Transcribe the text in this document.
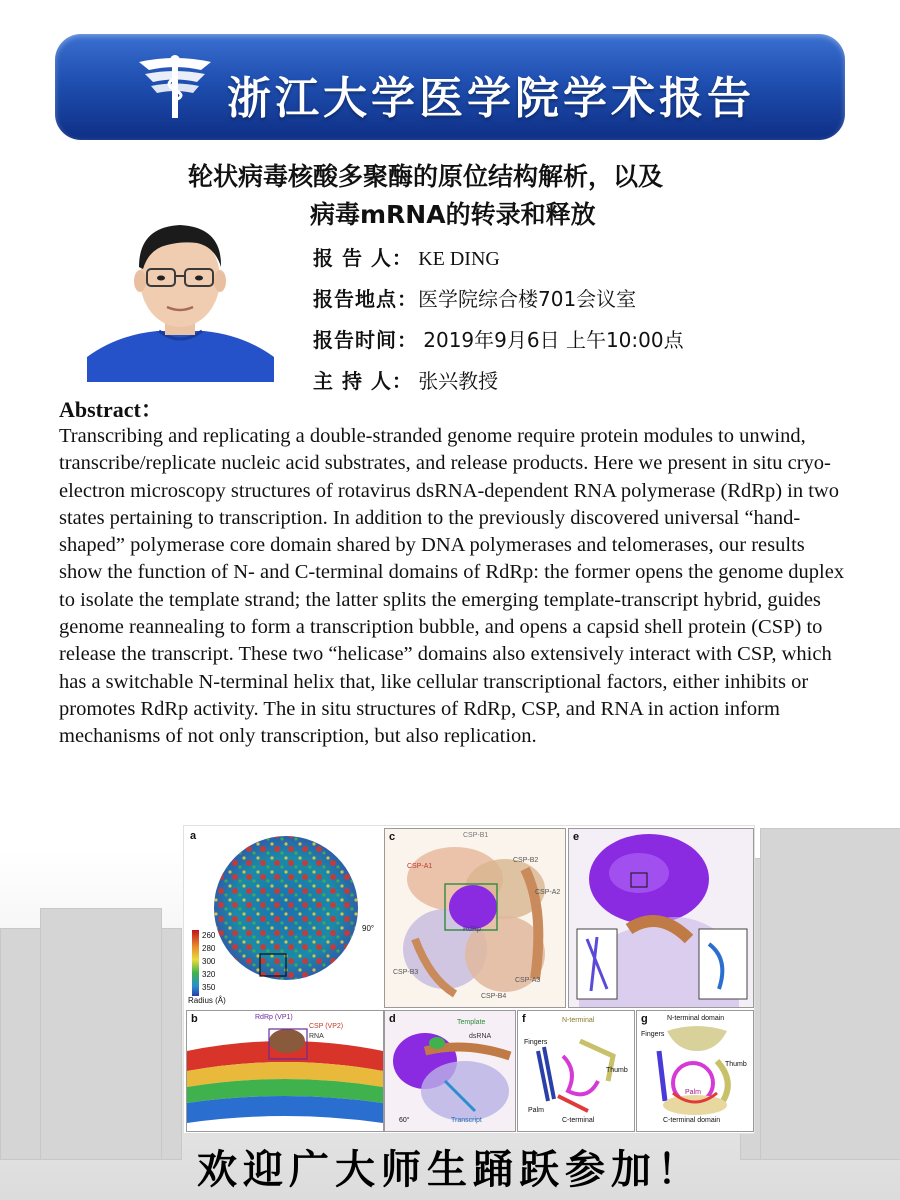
浙江大学医学院学术报告
轮状病毒核酸多聚酶的原位结构解析，以及
病毒mRNA的转录和释放
报 告 人： KE DING
报告地点：医学院综合楼701会议室
报告时间： 2019年9月6日 上午10:00点
主 持 人： 张兴教授
Abstract：
Transcribing and replicating a double-stranded genome require protein modules to unwind, transcribe/replicate nucleic acid substrates, and release products. Here we present in situ cryo-electron microscopy structures of rotavirus dsRNA-dependent RNA polymerase (RdRp) in two states pertaining to transcription. In addition to the previously discovered universal “hand-shaped” polymerase core domain shared by DNA polymerases and telomerases, our results show the function of N- and C-terminal domains of RdRp: the former opens the genome duplex to isolate the template strand; the latter splits the emerging template-transcript hybrid, guides genome reannealing to form a transcription bubble, and opens a capsid shell protein (CSP) to release the transcript. These two “helicase” domains also extensively interact with CSP, which has a switchable N-terminal helix that, like cellular transcriptional factors, either inhibits or promotes RdRp activity. The in situ structures of RdRp, CSP, and RNA in action inform mechanisms of not only transcription, but also replication.
a
260
280
300
320
350
Radius (Å)
c	CSP-B1
CSP-A1
CSP-B2
CSP-A2
RdRp
CSP-B3
CSP-A3
CSP-B4
90°
e
b	RdRp (VP1)
CSP (VP2)
RNA
d	Template
dsRNA
Transcript
60°
f	N-terminal
Fingers
Thumb
Palm
C-terminal
g	N-terminal domain
Fingers
Thumb
Palm
C-terminal domain
欢迎广大师生踊跃参加！
